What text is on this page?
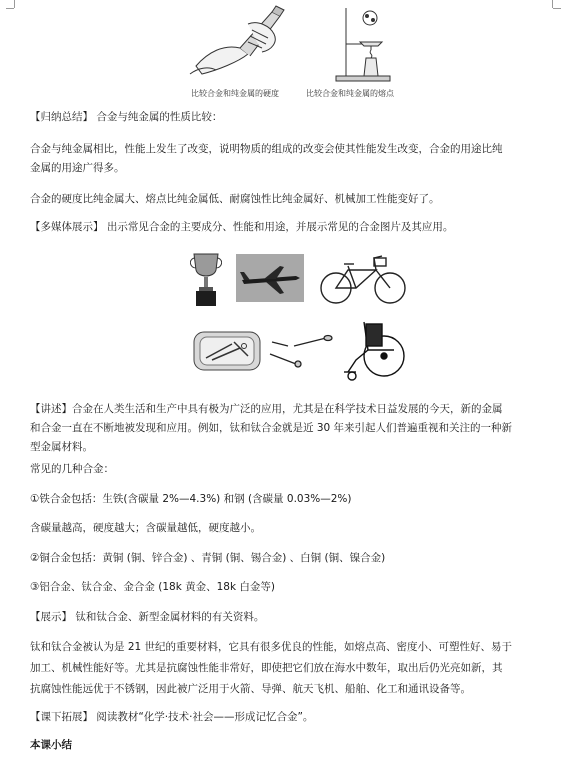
比较合金和纯金属的硬度	比较合金和纯金属的熔点
【归纳总结】 合金与纯金属的性质比较：
合金与纯金属相比，性能上发生了改变，说明物质的组成的改变会使其性能发生改变，合金的用途比纯
金属的用途广得多。
合金的硬度比纯金属大、熔点比纯金属低、耐腐蚀性比纯金属好、机械加工性能变好了。
【多媒体展示】 出示常见合金的主要成分、性能和用途，并展示常见的合金图片及其应用。
【讲述】合金在人类生活和生产中具有极为广泛的应用，尤其是在科学技术日益发展的今天，新的金属
和合金一直在不断地被发现和应用。例如，钛和钛合金就是近 30 年来引起人们普遍重视和关注的一种新
型金属材料。
常见的几种合金：
①铁合金包括：生铁(含碳量 2%—4.3%) 和钢 (含碳量 0.03%—2%)
含碳量越高，硬度越大；含碳量越低，硬度越小。
②铜合金包括：黄铜 (铜、锌合金) 、青铜 (铜、锡合金) 、白铜 (铜、镍合金)
③铝合金、钛合金、金合金 (18k 黄金、18k 白金等)
【展示】 钛和钛合金、新型金属材料的有关资料。
钛和钛合金被认为是 21 世纪的重要材料，它具有很多优良的性能，如熔点高、密度小、可塑性好、易于
加工、机械性能好等。尤其是抗腐蚀性能非常好，即使把它们放在海水中数年，取出后仍光亮如新，其
抗腐蚀性能远优于不锈钢，因此被广泛用于火箭、导弹、航天飞机、船舶、化工和通讯设备等。
【课下拓展】 阅读教材“化学·技术·社会——形成记忆合金”。
本课小结
